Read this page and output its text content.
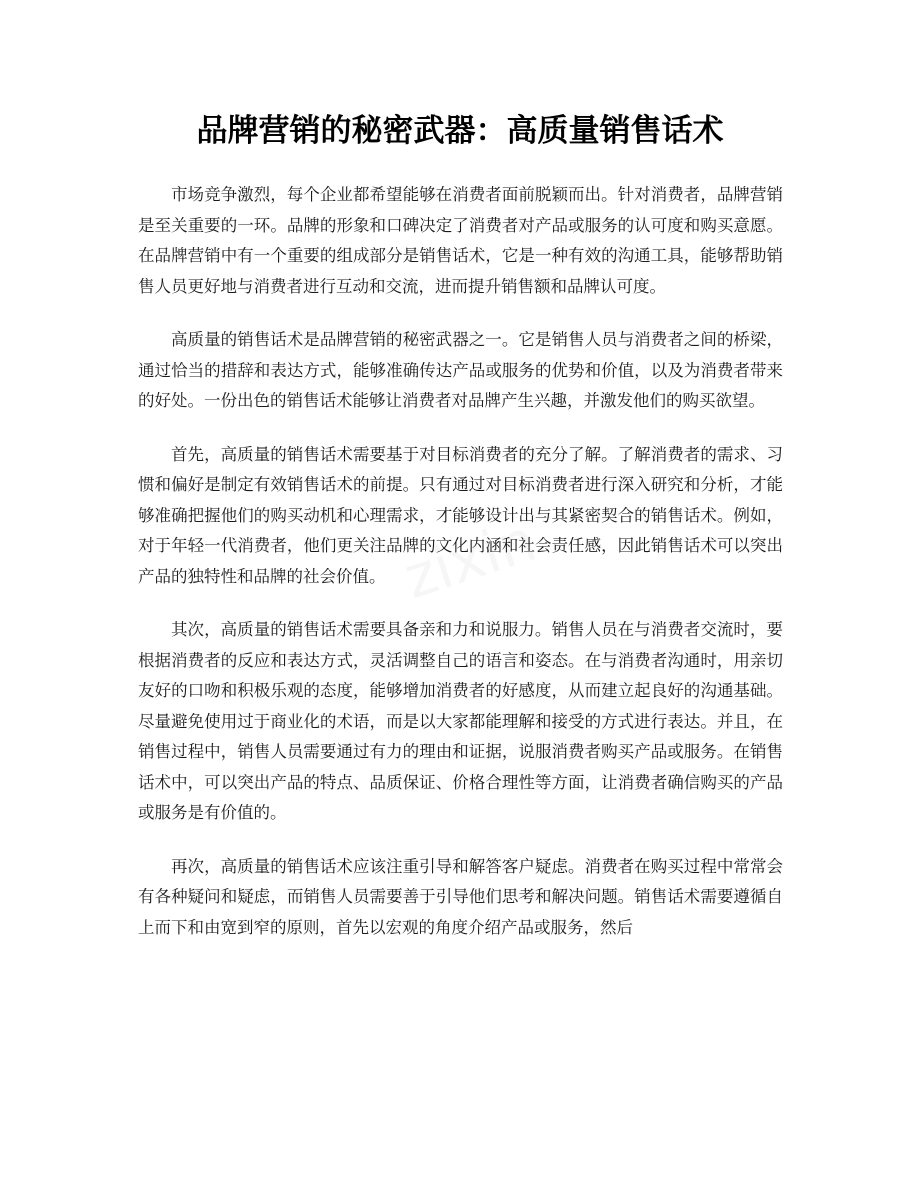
品牌营销的秘密武器：高质量销售话术

市场竞争激烈，每个企业都希望能够在消费者面前脱颖而出。针对消费者，品牌营销是至关重要的一环。品牌的形象和口碑决定了消费者对产品或服务的认可度和购买意愿。在品牌营销中有一个重要的组成部分是销售话术，它是一种有效的沟通工具，能够帮助销售人员更好地与消费者进行互动和交流，进而提升销售额和品牌认可度。

高质量的销售话术是品牌营销的秘密武器之一。它是销售人员与消费者之间的桥梁，通过恰当的措辞和表达方式，能够准确传达产品或服务的优势和价值，以及为消费者带来的好处。一份出色的销售话术能够让消费者对品牌产生兴趣，并激发他们的购买欲望。

首先，高质量的销售话术需要基于对目标消费者的充分了解。了解消费者的需求、习惯和偏好是制定有效销售话术的前提。只有通过对目标消费者进行深入研究和分析，才能够准确把握他们的购买动机和心理需求，才能够设计出与其紧密契合的销售话术。例如，对于年轻一代消费者，他们更关注品牌的文化内涵和社会责任感，因此销售话术可以突出产品的独特性和品牌的社会价值。

其次，高质量的销售话术需要具备亲和力和说服力。销售人员在与消费者交流时，要根据消费者的反应和表达方式，灵活调整自己的语言和姿态。在与消费者沟通时，用亲切友好的口吻和积极乐观的态度，能够增加消费者的好感度，从而建立起良好的沟通基础。尽量避免使用过于商业化的术语，而是以大家都能理解和接受的方式进行表达。并且，在销售过程中，销售人员需要通过有力的理由和证据，说服消费者购买产品或服务。在销售话术中，可以突出产品的特点、品质保证、价格合理性等方面，让消费者确信购买的产品或服务是有价值的。

再次，高质量的销售话术应该注重引导和解答客户疑虑。消费者在购买过程中常常会有各种疑问和疑虑，而销售人员需要善于引导他们思考和解决问题。销售话术需要遵循自上而下和由宽到窄的原则，首先以宏观的角度介绍产品或服务，然后
